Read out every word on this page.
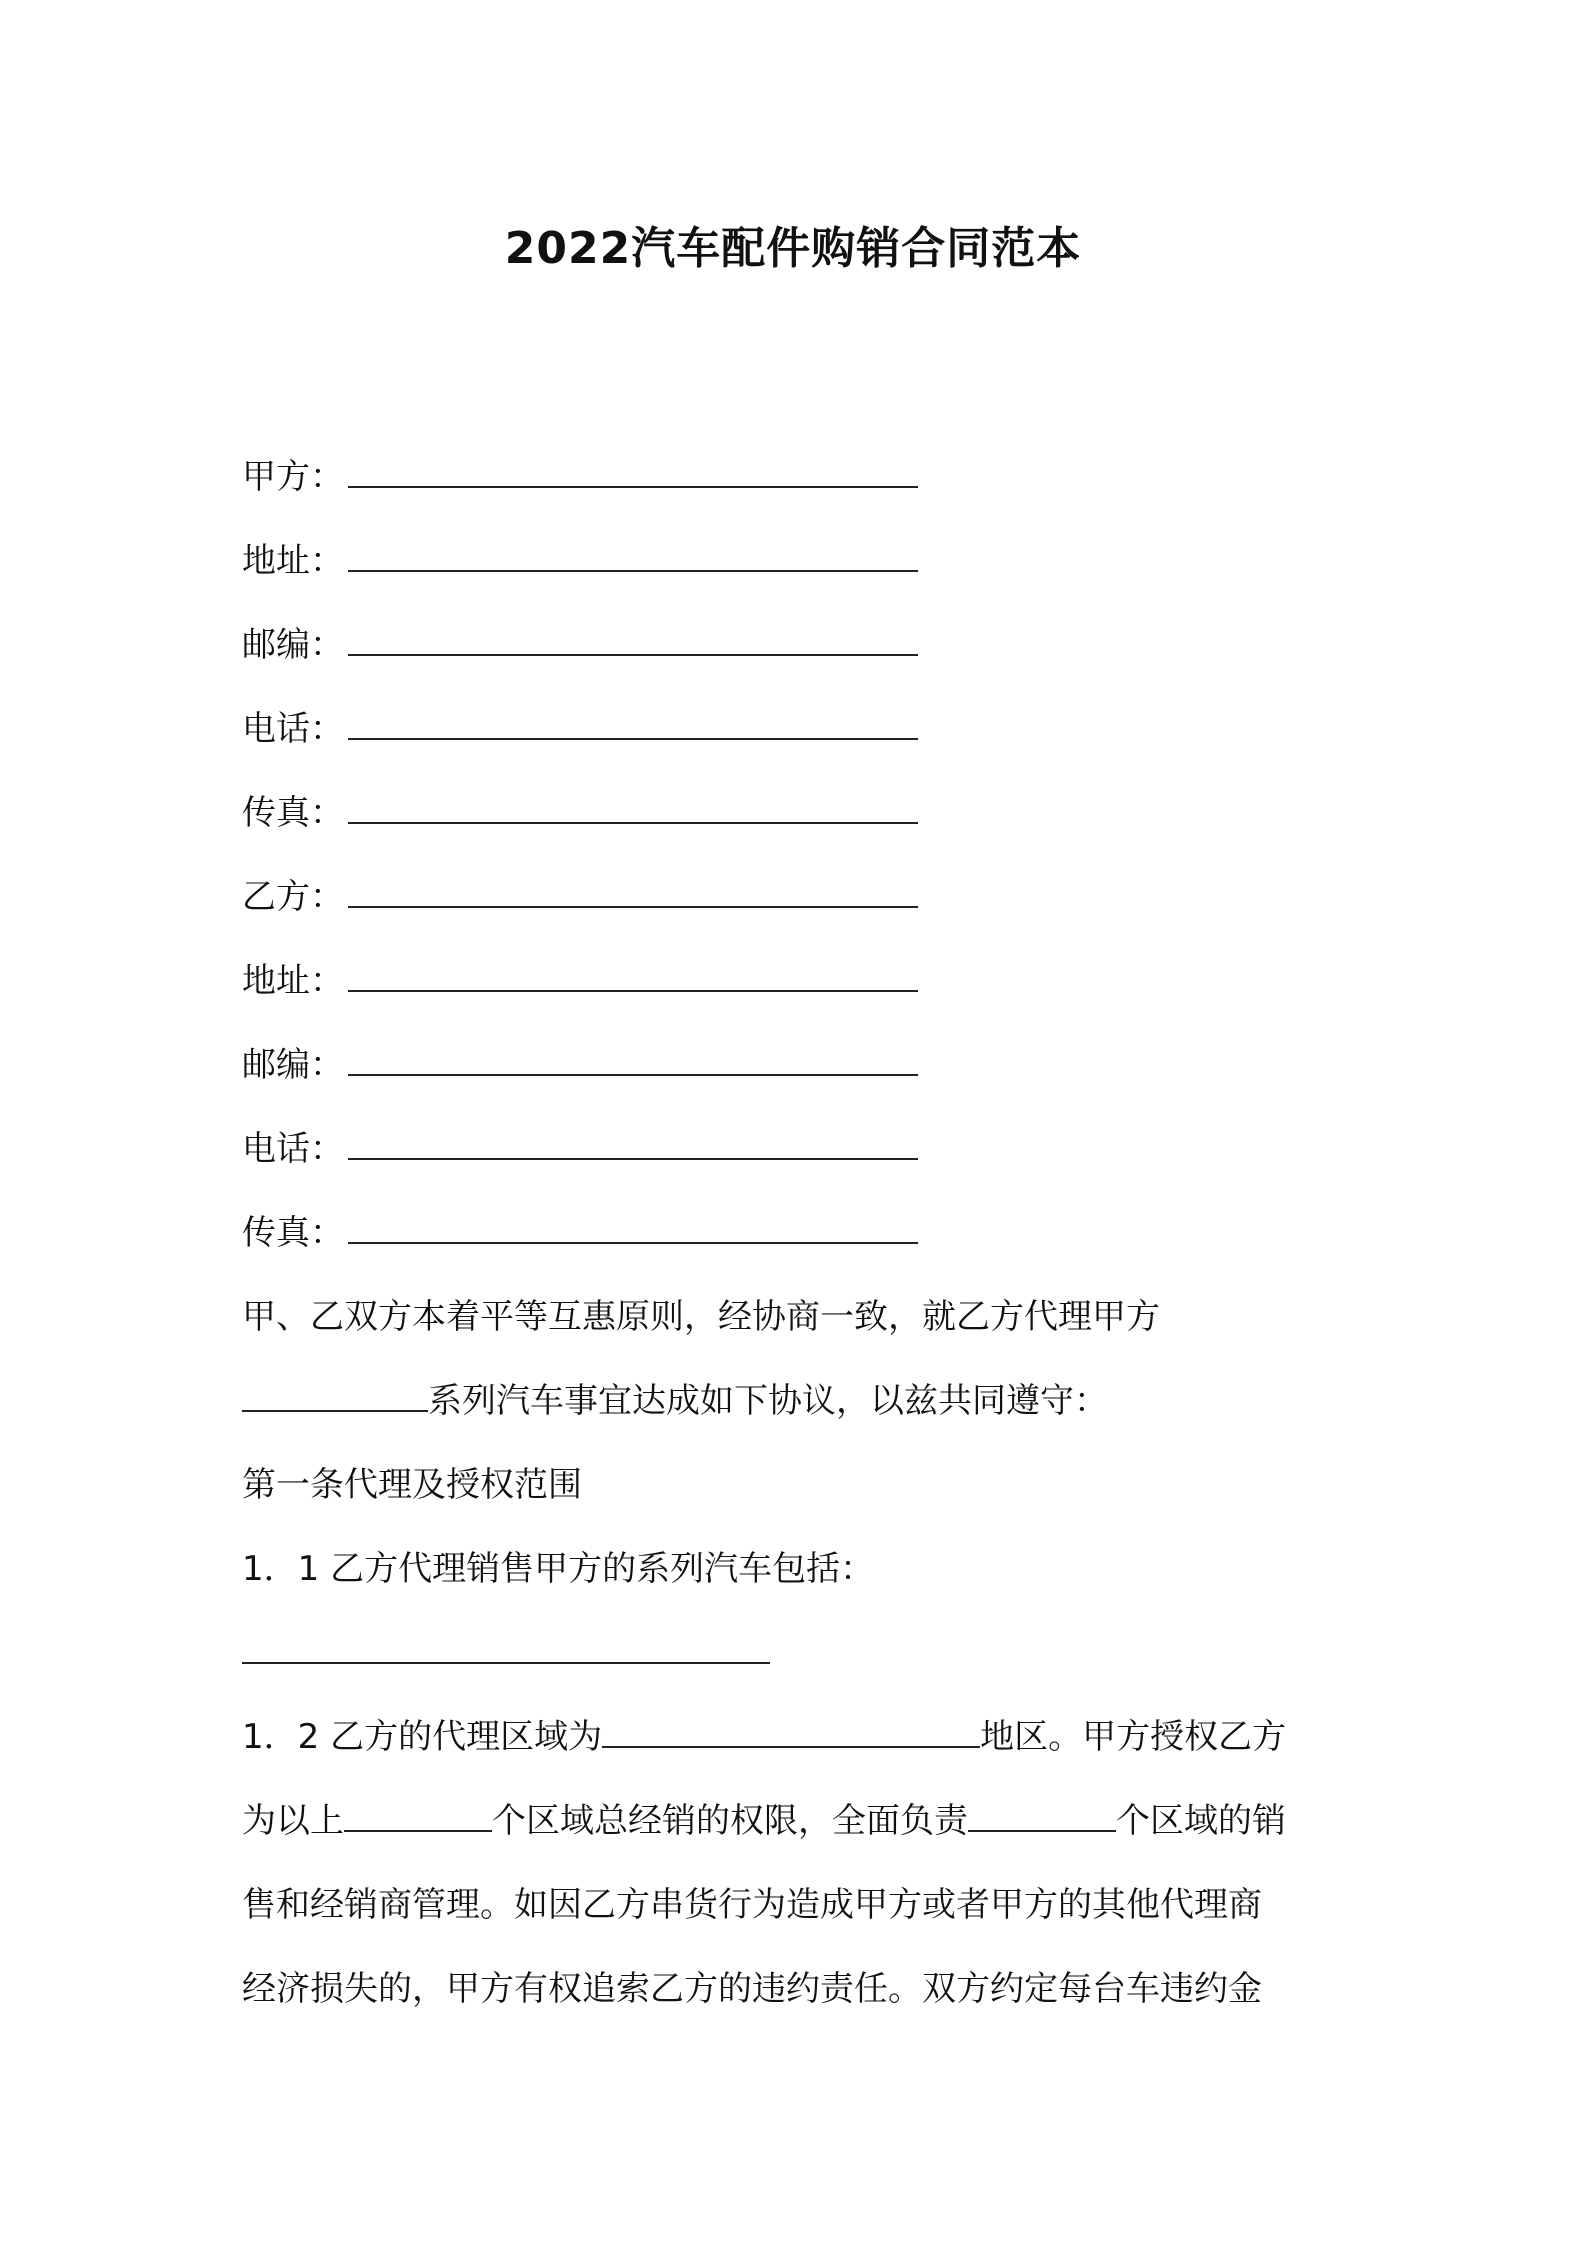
2022汽车配件购销合同范本
甲方：
地址：
邮编：
电话：
传真：
乙方：
地址：
邮编：
电话：
传真：
甲、乙双方本着平等互惠原则，经协商一致，就乙方代理甲方
系列汽车事宜达成如下协议，以兹共同遵守：
第一条代理及授权范围
1．1 乙方代理销售甲方的系列汽车包括：
1．2 乙方的代理区域为	地区。甲方授权乙方
为以上	个区域总经销的权限，全面负责	个区域的销
售和经销商管理。如因乙方串货行为造成甲方或者甲方的其他代理商
经济损失的，甲方有权追索乙方的违约责任。双方约定每台车违约金
